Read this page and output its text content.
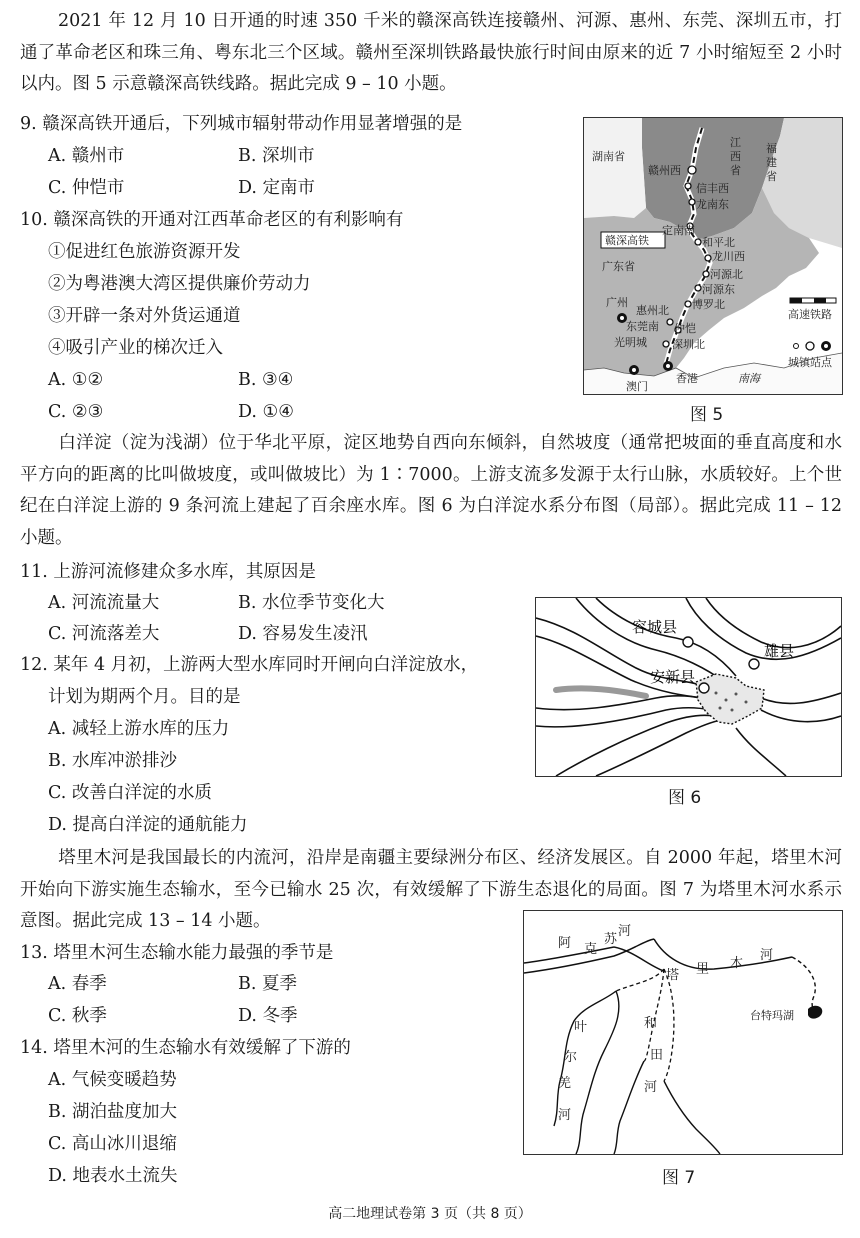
2021 年 12 月 10 日开通的时速 350 千米的赣深高铁连接赣州、河源、惠州、东莞、深圳五市，打通了革命老区和珠三角、粤东北三个区域。赣州至深圳铁路最快旅行时间由原来的近 7 小时缩短至 2 小时以内。图 5 示意赣深高铁线路。据此完成 9 – 10 小题。
9. 赣深高铁开通后，下列城市辐射带动作用显著增强的是
A. 赣州市	B. 深圳市
C. 仲恺市	D. 定南市
10. 赣深高铁的开通对江西革命老区的有利影响有
①促进红色旅游资源开发
②为粤港澳大湾区提供廉价劳动力
③开辟一条对外货运通道
④吸引产业的梯次迁入
A. ①②	B. ③④
C. ②③	D. ①④
湖南省
江
西
省
福
建
省
广东省
赣深高铁
赣州西
信丰西
龙南东
定南南
和平北
龙川西
河源北
河源东
博罗北
惠州北
仲恺
东莞南
光明城 深圳北
广州
澳门
香港	南海
高速铁路
城镇站点
图 5
白洋淀（淀为浅湖）位于华北平原，淀区地势自西向东倾斜，自然坡度（通常把坡面的垂直高度和水平方向的距离的比叫做坡度，或叫做坡比）为 1∶7000。上游支流多发源于太行山脉，水质较好。上个世纪在白洋淀上游的 9 条河流上建起了百余座水库。图 6 为白洋淀水系分布图（局部）。据此完成 11 – 12 小题。
11. 上游河流修建众多水库，其原因是
A. 河流流量大	B. 水位季节变化大
C. 河流落差大	D. 容易发生凌汛
12. 某年 4 月初，上游两大型水库同时开闸向白洋淀放水，
计划为期两个月。目的是
A. 减轻上游水库的压力
B. 水库冲淤排沙
C. 改善白洋淀的水质
D. 提高白洋淀的通航能力
容城县
雄县
安新县
图 6
塔里木河是我国最长的内流河，沿岸是南疆主要绿洲分布区、经济发展区。自 2000 年起，塔里木河开始向下游实施生态输水，至今已输水 25 次，有效缓解了下游生态退化的局面。图 7 为塔里木河水系示意图。据此完成 13 – 14 小题。
13. 塔里木河生态输水能力最强的季节是
A. 春季	B. 夏季
C. 秋季	D. 冬季
14. 塔里木河的生态输水有效缓解了下游的
A. 气候变暖趋势
B. 湖泊盐度加大
C. 高山冰川退缩
D. 地表水土流失
阿 克
苏
河
塔 里 木
河
和
田
河
叶
尔
羌
河
台特玛湖
图 7
高二地理试卷第 3 页（共 8 页）
